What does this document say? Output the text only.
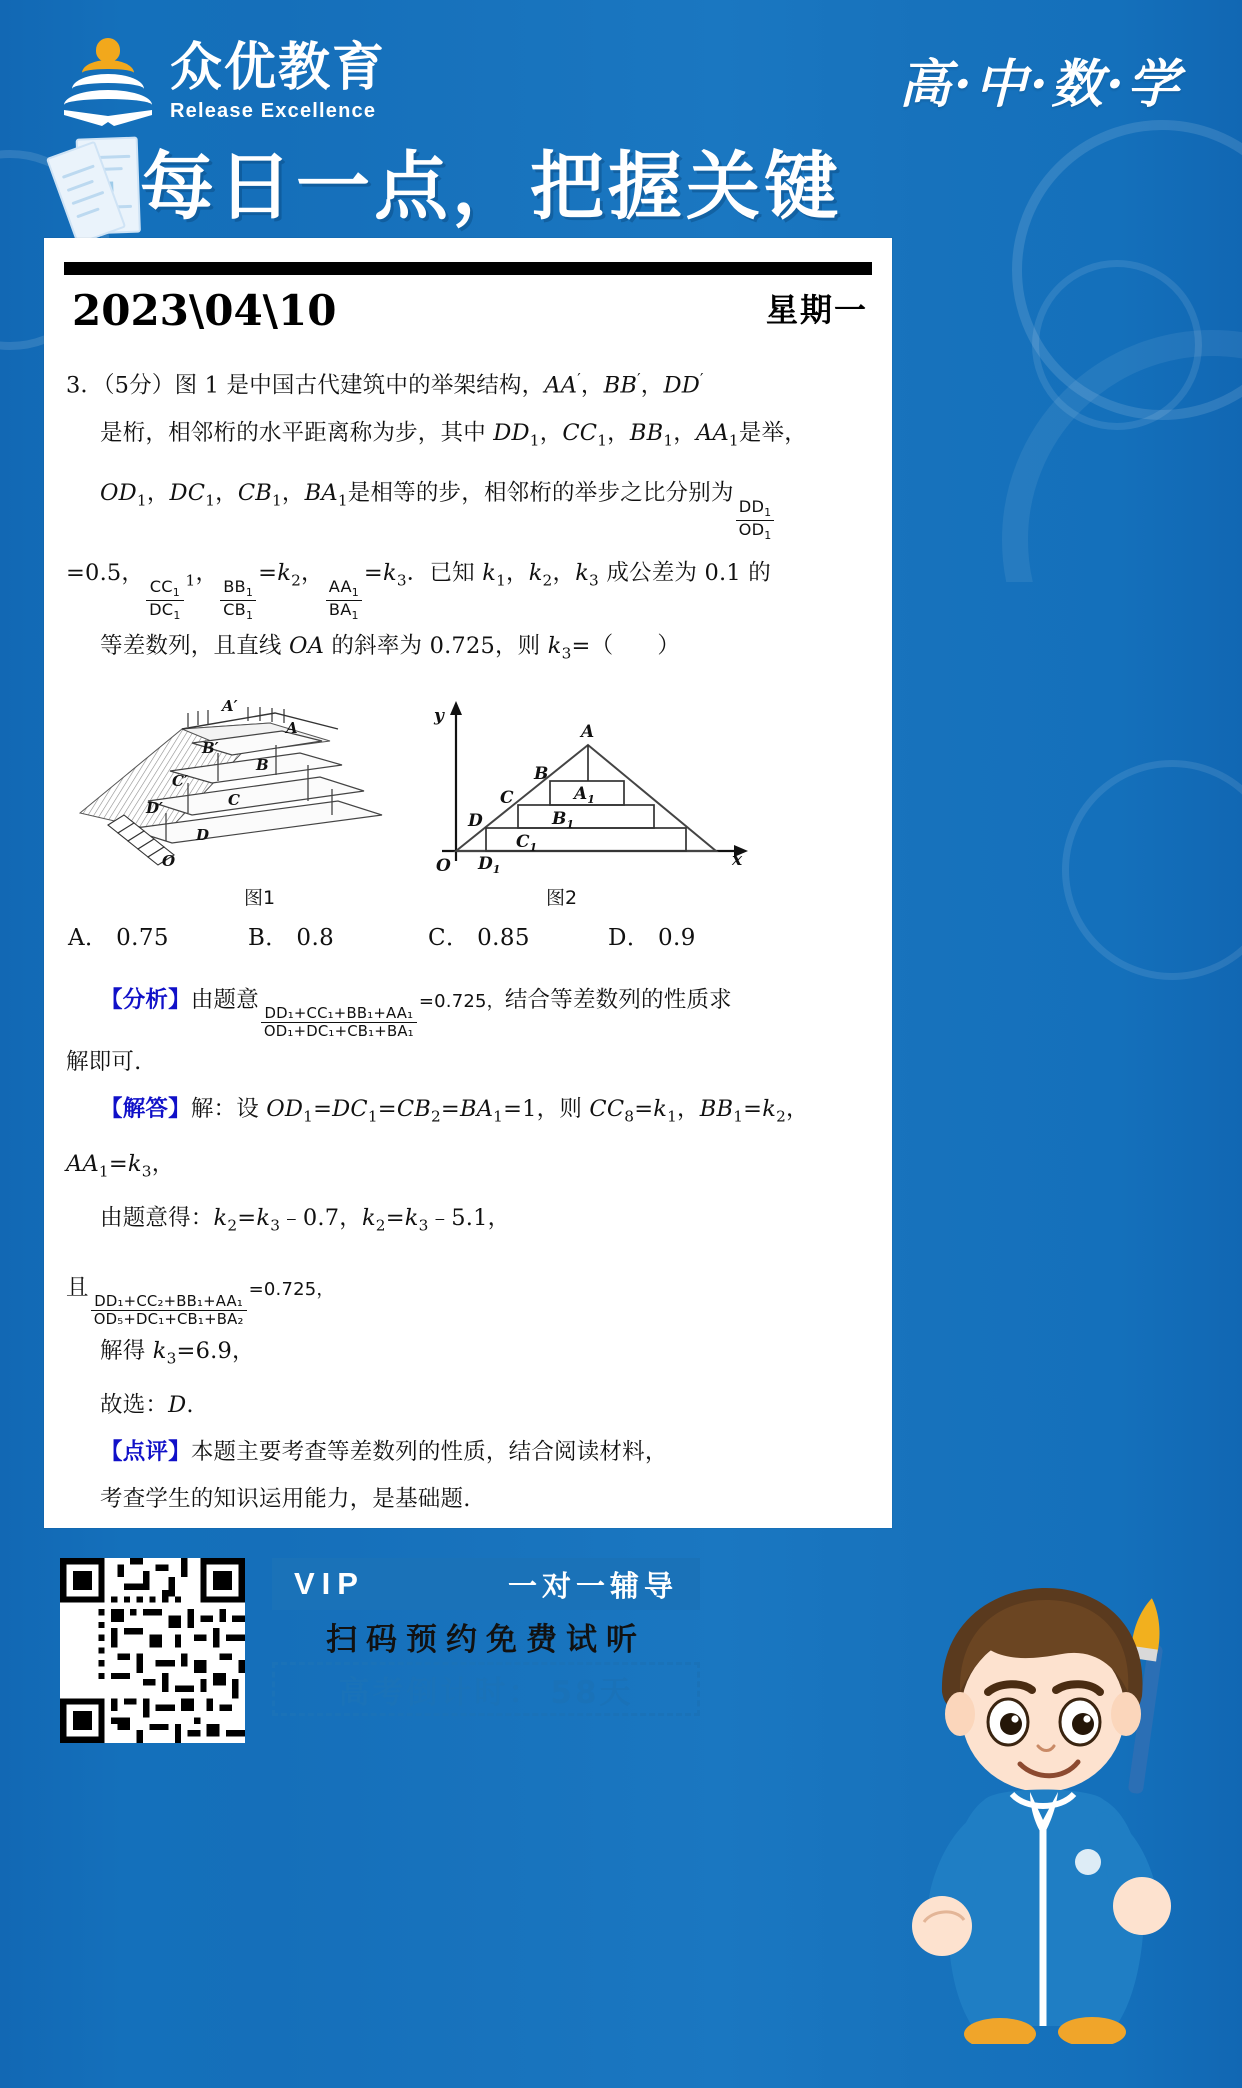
众优教育
Release Excellence	高·中·数·学
每日一点，把握关键
2023\04\10	星期一
3．（5分）图 1 是中国古代建筑中的举架结构，AA′，BB′，DD′
是桁，相邻桁的水平距离称为步，其中 $DD_1$，$CC_1$，$BB_1$，$AA_1$是举，
$OD_1$，$DC_1$，$CB_1$，$BA_1$是相等的步，相邻桁的举步之比分别为
$\frac{DD_1}{OD_1}$
=0.5，
$\frac{CC_1}{DC_1} _1$，
$\frac{BB_1}{CB_1}$
$=k_2$，
$\frac{AA_1}{BA_1}$
$=k_3$．已知 $k_1$，$k_2$，$k_3$ 成公差为 0.1 的
等差数列，且直线 OA 的斜率为 0.725，则 $k_3=$（      ）
A′
A
B′
B
C′
C
D′
D
O
y
x
O
A
$A_1$
B
$B_1$
C
$C_1$
D
$D_1$
图1	图2
A． 0.75	B． 0.8	C． 0.85	D． 0.9
【分析】由题意
$\frac{\text{DD₁+CC₁+BB₁+AA₁}}{\text{OD₁+DC₁+CB₁+BA₁}}$
=0.725，结合等差数列的性质求
解即可.
【解答】解：设 $OD_1=DC_1=CB_2=BA_1=1$，则 $CC_8=k_1$，$BB_1=k_2$，
$AA_1=k_3$，
由题意得：$k_2=k_3﹣0.7$，$k_2=k_3﹣5.1$，
且
$\frac{\text{DD₁+CC₂+BB₁+AA₁}}{\text{OD₅+DC₁+CB₁+BA₂}}$
=0.725，
解得 $k_3=6.9$，
故选：D.
【点评】本题主要考查等差数列的性质，结合阅读材料，
考查学生的知识运用能力，是基础题.
VIP	一对一辅导
扫码预约免费试听
高考倒计时： 58天
